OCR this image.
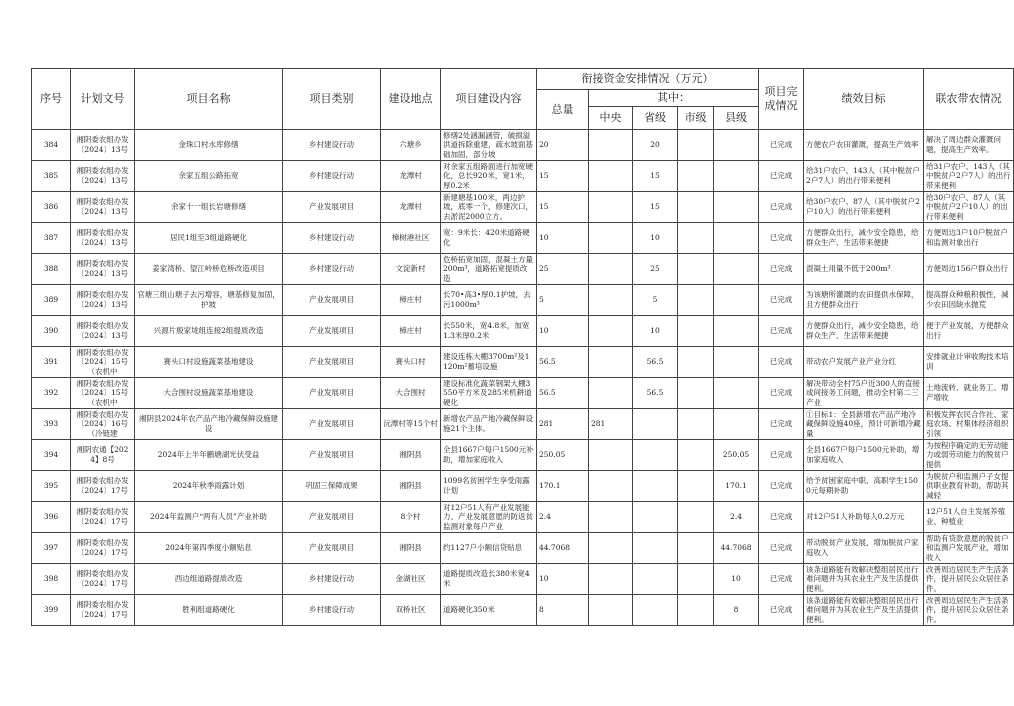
序号	计划文号	项目名称	项目类别	建设地点	项目建设内容	衔接资金安排情况（万元）					项目完成情况	绩效目标	联农带农情况
						总量	其中：						
							中央	省级	市级	县级			

384	湘阴委农组办发〔2024〕13号	金珠口村水库修缮	乡村建设行动	六塘乡	修缮2处涵漏涵管，破损溢洪道拆除重建，疏水坡面基础加固，部分坡	20		20			已完成	方便农户农田灌溉，提高生产效率	解决了周边群众灌溉问题，提高生产效率。

385	湘阴委农组办发〔2024〕13号	余家五组公路拓宽	乡村建设行动	龙潭村	对余家五组路面进行加宽硬化，总长920米，宽1米，厚0.2米	15		15			已完成	给31户农户、143人（其中脱贫户2户7人）的出行带来便利	给31户农户、143人（其中脱贫户2户7人）的出行带来便利

386	湘阴委农组办发〔2024〕13号	余家十一组长岩塘修缮	产业发展项目	龙潭村	新建塘基100米，两边护坡，底零一个，修建次口，去淤泥2000立方。	15		15			已完成	给30户农户、87人（其中脱贫户2户10人）的出行带来便利	给30户农户、87人（其中脱贫户2户10人）的出行带来便利

387	湘阴委农组办发〔2024〕13号	居民1组至3组道路硬化	乡村建设行动	樟树港社区	宽：9米长：420米道路硬化	10		10			已完成	方便群众出行，减少安全隐患，给群众生产、生活带来便捷	方便周边3户10户脱贫户和监测对象出行

388	湘阴委农组办发〔2024〕13号	姜家湾桥、望江岭桥危桥改造项目	乡村建设行动	文淀新村	危桥拓宽加固，混凝土方量200m³，道路拓宽提质改造	25		25			已完成	混凝土用量不低于200m³	方便周边156户群众出行

389	湘阴委农组办发〔2024〕13号	官塘三组山塘子去污增容，塘基修复加固，护坡	产业发展项目	樟庄村	长70•高3•厚0.1护坡，去污1000m³	5		5			已完成	为该塘所灌溉的农田提供水保障，且方便群众出行	提高群众种粮积极性，减少农田因缺水抛荒

390	湘阴委农组办发〔2024〕13号	兴源片殷家垅组连接2组提质改造	产业发展项目	樟庄村	长550米，宽4.8米，加宽1.3米厚0.2米	10		10			已完成	方便群众出行，减少安全隐患，给群众生产、生活带来便捷	便于产业发展，方便群众出行

391	湘阴委农组办发〔2024〕15号（农机中	赛头口村设施蔬菜基地建设	产业发展项目	赛头口村	建设连栋大棚3700m²及1120m²蓄培设施	56.5		56.5			已完成	带动农户发展产业产业分红	安排就业计审收购技术培训

392	湘阴委农组办发〔2024〕15号（农机中	大合围村设施蔬菜基地建设	产业发展项目	大合围村	建设标准化蔬菜钢架大棚3550平方米及285米机耕道硬化	56.5		56.5			已完成	解决带动全村75户近300人的直接或间接务工问题，推动全村第二三产业	土地流转、就业务工、增产增收

393	湘阴委农组办发〔2024〕16号（冷链建	湘阴县2024年农产品产地冷藏保鲜设施建设	产业发展项目	沅潭村等15个村	新增农产品产地冷藏保鲜设施21个主体。	281	281				已完成	①目标1：全县新增农产品产地冷藏保鲜设施40座，预计可新增冷藏量	积极发挥农民合作社、家庭农场、村集体经济组织引领

394	湘阴农通【2024】8号	2024年上半年鹏塘湖光伏受益	产业发展项目	湘阴县	全县1667户每户1500元补助，增加家庭收入	250.05				250.05	已完成	全县1667户每户1500元补助，增加家庭收入	为按程序确定的无劳动能力或弱劳动能力的脱贫户提供

395	湘阴委农组办发〔2024〕17号	2024年秋季雨露计划	巩固三保障成果	湘阴县	1099名贫困学生享受雨露计划	170.1				170.1	已完成	给予贫困家庭中职、高职学生1500元每期补助	为脱贫户和监测户子女提供职业教育补助，帮助其减轻

396	湘阴委农组办发〔2024〕17号	2024年监测户“两有人员”产业补助	产业发展项目	8个村	对12户51人有产业发展能力、产业发展意愿的防返贫监测对象每户产业	2.4				2.4	已完成	对12户51人补助每人0.2万元	12户51人自主发展养殖业、种植业

397	湘阴委农组办发〔2024〕17号	2024年第四季度小额贴息	产业发展项目	湘阴县	约1127户小额信贷贴息	44.7068				44.7068	已完成	带动脱贫产业发展，增加脱贫户家庭收入	帮助有贷款意愿的脱贫户和监测户发展产业，增加收入

398	湘阴委农组办发〔2024〕17号	西边组道路提质改造	乡村建设行动	金湖社区	道路提质改造长380米宽4米	10				10	已完成	该条道路能有效解决整组居民出行难问题并为其农业生产及生活提供便利。	改善周边居民生产生活条件，提升居民公众居住条件。

399	湘阴委农组办发〔2024〕17号	胜利组道路硬化	乡村建设行动	双桥社区	道路硬化350米	8				8	已完成	该条道路能有效解决整组居民出行难问题并为其农业生产及生活提供便利。	改善周边居民生产生活条件，提升居民公众居住条件。
